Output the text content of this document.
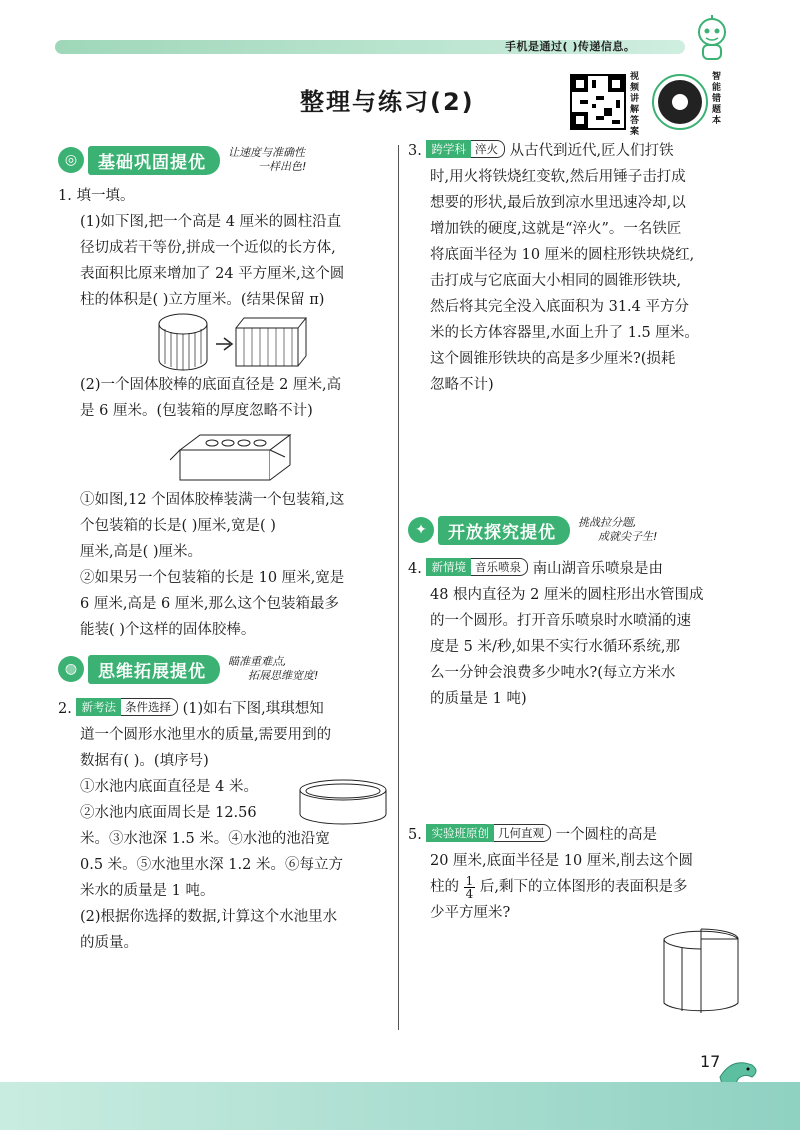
手机是通过( )传递信息。
整理与练习(2)
视频讲解答案
智能错题本
◎	基础巩固提优	让速度与准确性
一样出色!
1. 填一填。
(1)如下图,把一个高是 4 厘米的圆柱沿直
径切成若干等份,拼成一个近似的长方体,
表面积比原来增加了 24 平方厘米,这个圆
柱的体积是( )立方厘米。(结果保留 π)
(2)一个固体胶棒的底面直径是 2 厘米,高
是 6 厘米。(包装箱的厚度忽略不计)
①如图,12 个固体胶棒装满一个包装箱,这
个包装箱的长是( )厘米,宽是( )
厘米,高是( )厘米。
②如果另一个包装箱的长是 10 厘米,宽是
6 厘米,高是 6 厘米,那么这个包装箱最多
能装( )个这样的固体胶棒。
◍	思维拓展提优	瞄准重难点,
拓展思维宽度!
2. 新考法 条件选择 (1)如右下图,琪琪想知
道一个圆形水池里水的质量,需要用到的
数据有( )。(填序号)
①水池内底面直径是 4 米。
②水池内底面周长是 12.56
米。③水池深 1.5 米。④水池的池沿宽
0.5 米。⑤水池里水深 1.2 米。⑥每立方
米水的质量是 1 吨。
(2)根据你选择的数据,计算这个水池里水
的质量。
3. 跨学科 淬火 从古代到近代,匠人们打铁
时,用火将铁烧红变软,然后用锤子击打成
想要的形状,最后放到凉水里迅速冷却,以
增加铁的硬度,这就是“淬火”。一名铁匠
将底面半径为 10 厘米的圆柱形铁块烧红,
击打成与它底面大小相同的圆锥形铁块,
然后将其完全没入底面积为 31.4 平方分
米的长方体容器里,水面上升了 1.5 厘米。
这个圆锥形铁块的高是多少厘米?(损耗
忽略不计)
✦	开放探究提优	挑战拉分题,
成就尖子生!
4. 新情境 音乐喷泉 南山湖音乐喷泉是由
48 根内直径为 2 厘米的圆柱形出水管围成
的一个圆形。打开音乐喷泉时水喷涌的速
度是 5 米/秒,如果不实行水循环系统,那
么一分钟会浪费多少吨水?(每立方米水
的质量是 1 吨)
5. 实验班原创 几何直观 一个圆柱的高是
20 厘米,底面半径是 10 厘米,削去这个圆
柱的 $\frac{1}{4}$ 后,剩下的立体图形的表面积是多
少平方厘米?
17
